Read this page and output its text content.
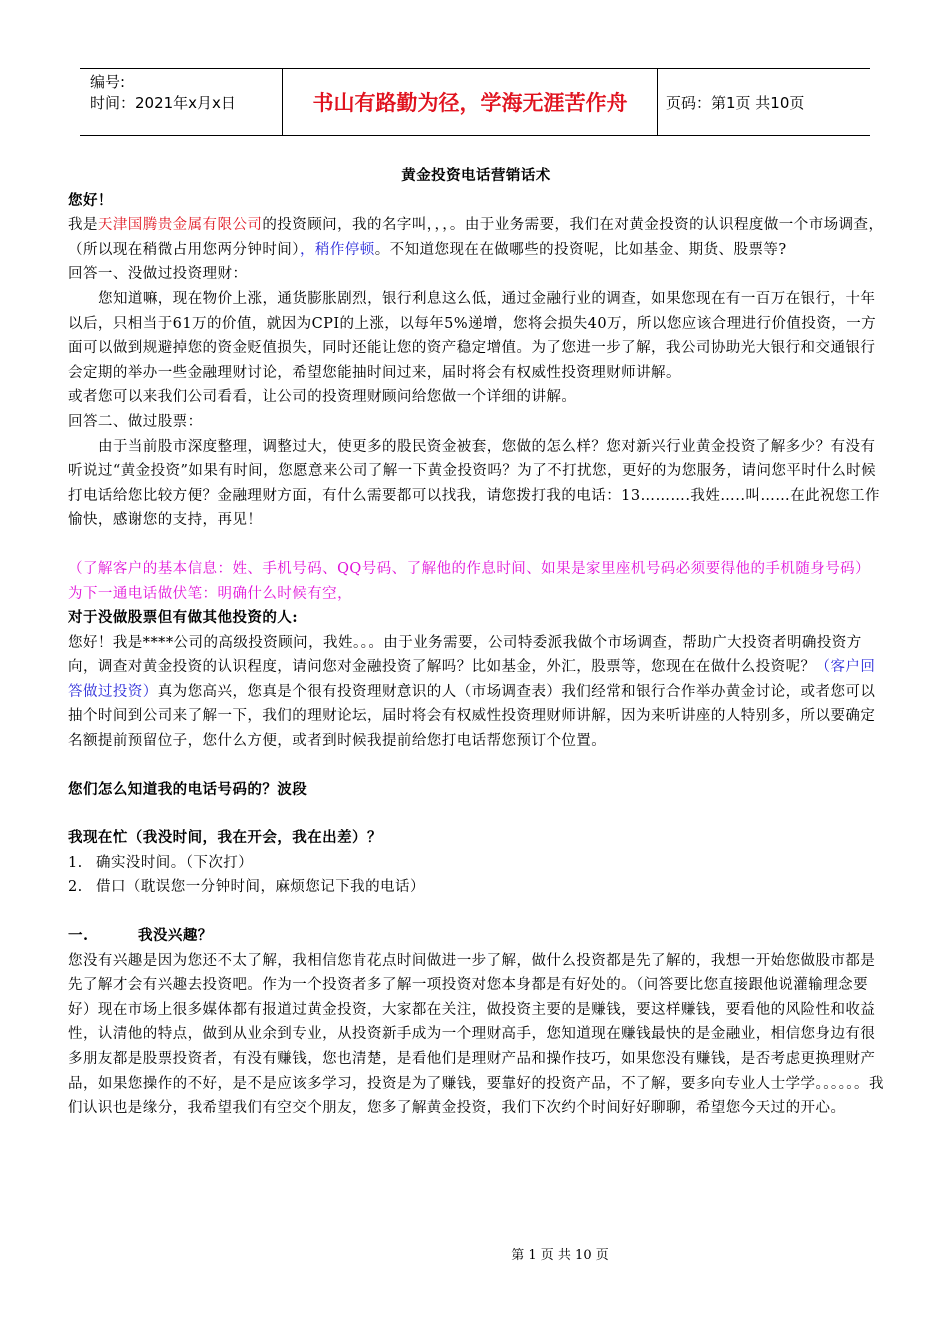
编号:
时间：2021年x月x日	书山有路勤为径，学海无涯苦作舟	页码：第1页 共10页

黄金投资电话营销话术

您好！

我是天津国腾贵金属有限公司的投资顾问，我的名字叫，，，。由于业务需要，我们在对黄金投资的认识程度做一个市场调查，（所以现在稍微占用您两分钟时间），稍作停顿。不知道您现在在做哪些的投资呢，比如基金、期货、股票等?

回答一、没做过投资理财：

您知道嘛，现在物价上涨，通货膨胀剧烈，银行利息这么低，通过金融行业的调查，如果您现在有一百万在银行，十年以后，只相当于61万的价值，就因为CPI的上涨，以每年5%递增，您将会损失40万，所以您应该合理进行价值投资，一方面可以做到规避掉您的资金贬值损失，同时还能让您的资产稳定增值。为了您进一步了解，我公司协助光大银行和交通银行会定期的举办一些金融理财讨论，希望您能抽时间过来，届时将会有权威性投资理财师讲解。

或者您可以来我们公司看看，让公司的投资理财顾问给您做一个详细的讲解。

回答二、做过股票：

由于当前股市深度整理，调整过大，使更多的股民资金被套，您做的怎么样？您对新兴行业黄金投资了解多少？有没有听说过“黄金投资”如果有时间，您愿意来公司了解一下黄金投资吗？为了不打扰您，更好的为您服务，请问您平时什么时候打电话给您比较方便？金融理财方面，有什么需要都可以找我，请您拨打我的电话：13……….我姓…..叫……在此祝您工作愉快，感谢您的支持，再见！

（了解客户的基本信息：姓、手机号码、QQ号码、了解他的作息时间、如果是家里座机号码必须要得他的手机随身号码）为下一通电话做伏笔：明确什么时候有空，

对于没做股票但有做其他投资的人:

您好！我是****公司的高级投资顾问，我姓。。。由于业务需要，公司特委派我做个市场调查，帮助广大投资者明确投资方向，调查对黄金投资的认识程度，请问您对金融投资了解吗？比如基金，外汇，股票等，您现在在做什么投资呢？（客户回答做过投资）真为您高兴，您真是个很有投资理财意识的人（市场调查表）我们经常和银行合作举办黄金讨论，或者您可以抽个时间到公司来了解一下，我们的理财论坛，届时将会有权威性投资理财师讲解，因为来听讲座的人特别多，所以要确定名额提前预留位子，您什么方便，或者到时候我提前给您打电话帮您预订个位置。

您们怎么知道我的电话号码的？波段

我现在忙（我没时间，我在开会，我在出差）？

1. 确实没时间。（下次打）

2. 借口（耽误您一分钟时间，麻烦您记下我的电话）

一.	我没兴趣？

您没有兴趣是因为您还不太了解，我相信您肯花点时间做进一步了解，做什么投资都是先了解的，我想一开始您做股市都是先了解才会有兴趣去投资吧。作为一个投资者多了解一项投资对您本身都是有好处的。（问答要比您直接跟他说灌输理念要好）现在市场上很多媒体都有报道过黄金投资，大家都在关注，做投资主要的是赚钱，要这样赚钱，要看他的风险性和收益性，认清他的特点，做到从业余到专业，从投资新手成为一个理财高手，您知道现在赚钱最快的是金融业，相信您身边有很多朋友都是股票投资者，有没有赚钱，您也清楚，是看他们是理财产品和操作技巧，如果您没有赚钱，是否考虑更换理财产品，如果您操作的不好，是不是应该多学习，投资是为了赚钱，要靠好的投资产品，不了解，要多向专业人士学学。。。。。。我们认识也是缘分，我希望我们有空交个朋友，您多了解黄金投资，我们下次约个时间好好聊聊，希望您今天过的开心。

第 1 页 共 10 页
